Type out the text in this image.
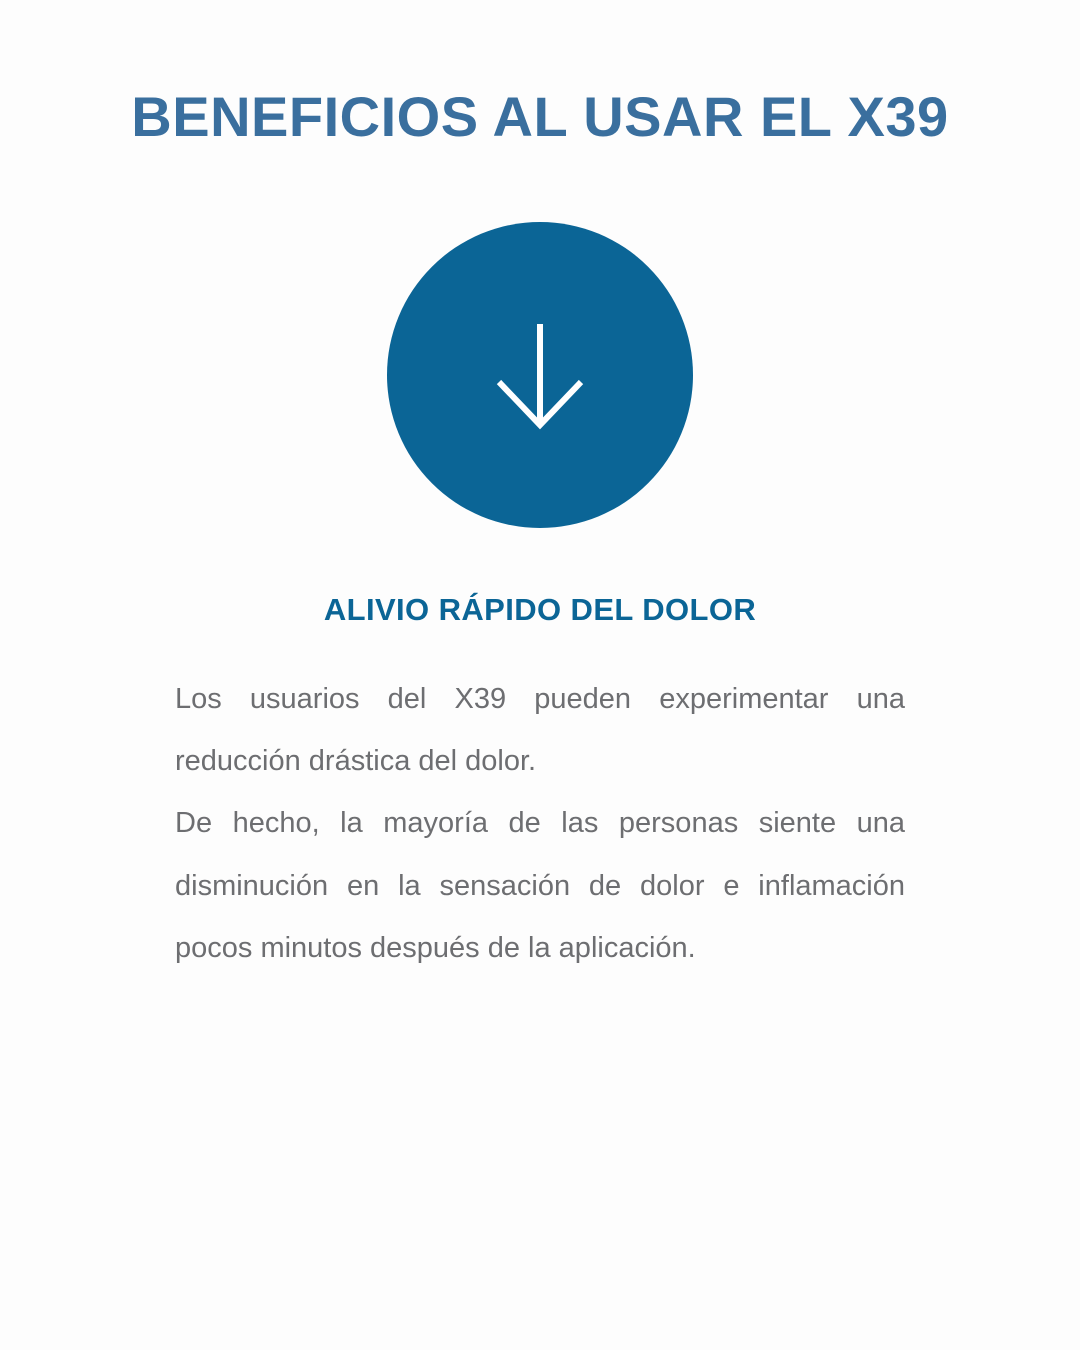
BENEFICIOS AL USAR EL X39
ALIVIO RÁPIDO DEL DOLOR

Los usuarios del X39 pueden experimentar una reducción drástica del dolor.

De hecho, la mayoría de las personas siente una disminución en la sensación de dolor e inflamación pocos minutos después de la aplicación.
